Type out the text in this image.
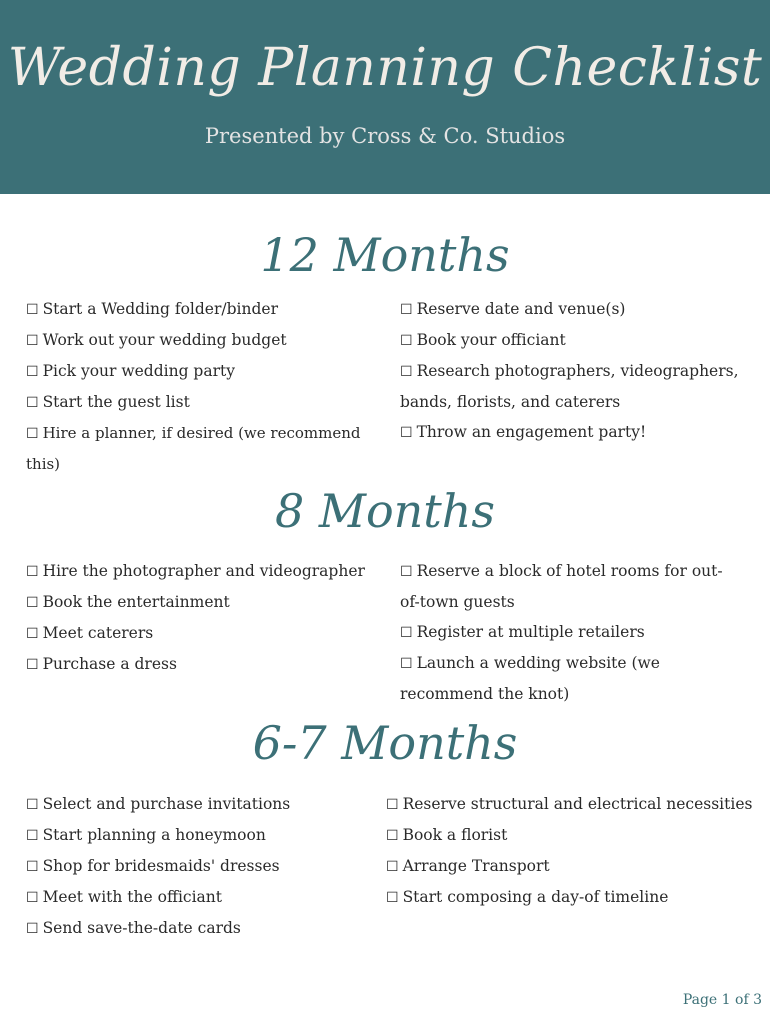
Wedding Planning Checklist
Presented by Cross & Co. Studios
12 Months
☐ Start a Wedding folder/binder
☐ Work out your wedding budget
☐ Pick your wedding party
☐ Start the guest list
☐ Hire a planner, if desired (we recommend this)
☐ Reserve date and venue(s)
☐ Book your officiant
☐ Research photographers, videographers, bands, florists, and caterers
☐ Throw an engagement party!
8 Months
☐ Hire the photographer and videographer
☐ Book the entertainment
☐ Meet caterers
☐ Purchase a dress
☐ Reserve a block of hotel rooms for out-of-town guests
☐ Register at multiple retailers
☐ Launch a wedding website (we recommend the knot)
6-7 Months
☐ Select and purchase invitations
☐ Start planning a honeymoon
☐ Shop for bridesmaids' dresses
☐ Meet with the officiant
☐ Send save-the-date cards
☐ Reserve structural and electrical necessities
☐ Book a florist
☐ Arrange Transport
☐ Start composing a day-of timeline
Page 1 of 3
